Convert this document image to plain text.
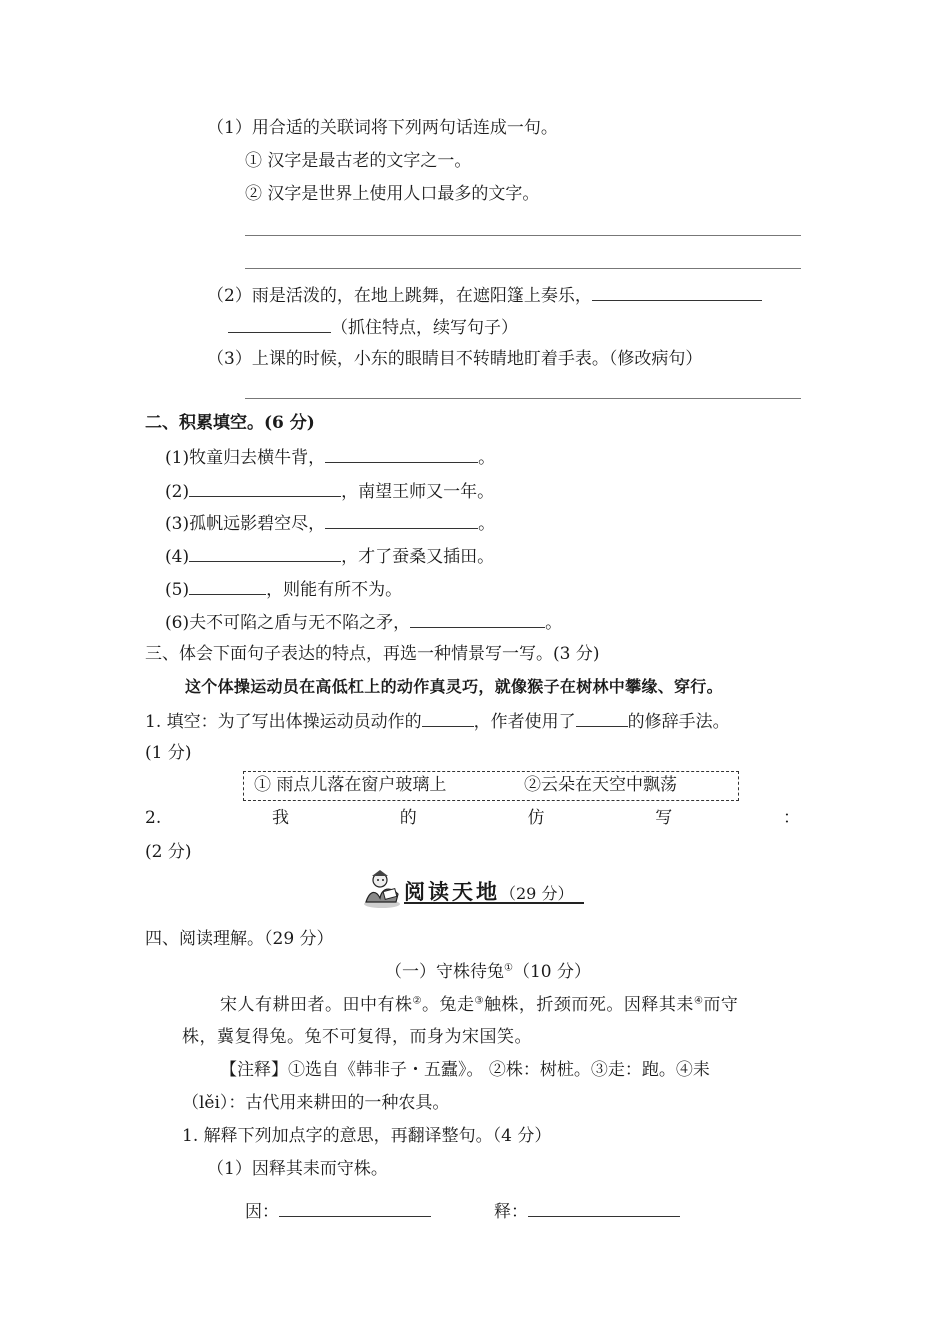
（1）用合适的关联词将下列两句话连成一句。
① 汉字是最古老的文字之一。
② 汉字是世界上使用人口最多的文字。
（2）雨是活泼的，在地上跳舞，在遮阳篷上奏乐，
（抓住特点，续写句子）
（3）上课的时候，小东的眼睛目不转睛地盯着手表。（修改病句）
二、积累填空。(6 分)
(1)牧童归去横牛背，	。
(2)	，南望王师又一年。
(3)孤帆远影碧空尽，	。
(4)	，才了蚕桑又插田。
(5)	，则能有所不为。
(6)夫不可陷之盾与无不陷之矛，	。
三、体会下面句子表达的特点，再选一种情景写一写。(3 分)
这个体操运动员在高低杠上的动作真灵巧，就像猴子在树林中攀缘、穿行。
1. 填空：为了写出体操运动员动作的	，作者使用了	的修辞手法。
(1 分)
① 雨点儿落在窗户玻璃上	②云朵在天空中飘荡
2.	我	的	仿	写	：
(2 分)
阅读天地（29 分）
四、阅读理解。（29 分）
（一）守株待兔①（10 分）
宋人有耕田者。田中有株②。兔走③触株，折颈而死。因释其耒④而守
株，冀复得兔。兔不可复得，而身为宋国笑。
【注释】①选自《韩非子・五蠹》。 ②株：树桩。③走：跑。④耒
（lěi）：古代用来耕田的一种农具。
1. 解释下列加点字的意思，再翻译整句。（4 分）
（1）因释其耒而守株。
因：	释：
